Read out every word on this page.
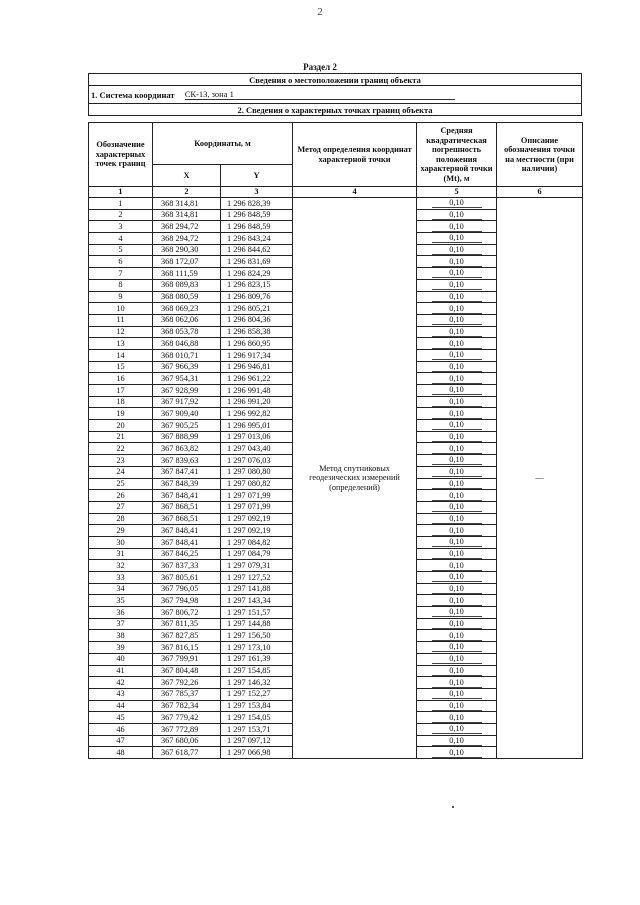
2
Раздел 2
Сведения о местоположении границ объекта
1. Система координат СК-13, зона 1
2. Сведения о характерных точках границ объекта
Обозначение характерных точек границ	Координаты, м		Метод определения координат характерной точки	Средняя квадратическая погрешность положения характерной точки (Mt), м	Описание обозначения точки на местности (при наличии)
	X	Y			
1	2	3	4	5	6
1	368 314,81	1 296 828,39	Метод спутниковых геодезических измерений (определений)	0,10	—
2	368 314,81	1 296 848,59		0,10	
3	368 294,72	1 296 848,59		0,10	
4	368 294,72	1 296 843,24		0,10	
5	368 290,30	1 296 844,62		0,10	
6	368 172,07	1 296 831,69		0,10	
7	368 111,59	1 296 824,29		0,10	
8	368 089,83	1 296 823,15		0,10	
9	368 080,59	1 296 809,76		0,10	
10	368 069,23	1 296 805,21		0,10	
11	368 062,06	1 296 804,36		0,10	
12	368 053,78	1 296 858,38		0,10	
13	368 046,88	1 296 860,95		0,10	
14	368 010,71	1 296 917,34		0,10	
15	367 966,39	1 296 946,81		0,10	
16	367 954,31	1 296 961,22		0,10	
17	367 928,99	1 296 991,48		0,10	
18	367 917,92	1 296 991,20		0,10	
19	367 909,40	1 296 992,82		0,10	
20	367 905,25	1 296 995,01		0,10	
21	367 888,99	1 297 013,06		0,10	
22	367 863,82	1 297 043,40		0,10	
23	367 839,63	1 297 076,03		0,10	
24	367 847,41	1 297 080,80		0,10	
25	367 848,39	1 297 080,82		0,10	
26	367 848,41	1 297 071,99		0,10	
27	367 868,51	1 297 071,99		0,10	
28	367 868,51	1 297 092,19		0,10	
29	367 848,41	1 297 092,19		0,10	
30	367 848,41	1 297 084,82		0,10	
31	367 846,25	1 297 084,79		0,10	
32	367 837,33	1 297 079,31		0,10	
33	367 805,61	1 297 127,52		0,10	
34	367 796,05	1 297 141,88		0,10	
35	367 794,98	1 297 143,34		0,10	
36	367 806,72	1 297 151,57		0,10	
37	367 811,35	1 297 144,88		0,10	
38	367 827,85	1 297 156,50		0,10	
39	367 816,15	1 297 173,10		0,10	
40	367 799,91	1 297 161,39		0,10	
41	367 804,48	1 297 154,85		0,10	
42	367 792,26	1 297 146,32		0,10	
43	367 785,37	1 297 152,27		0,10	
44	367 782,34	1 297 153,84		0,10	
45	367 779,42	1 297 154,05		0,10	
46	367 772,89	1 297 153,71		0,10	
47	367 680,06	1 297 097,12		0,10	
48	367 618,77	1 297 066,98		0,10	
